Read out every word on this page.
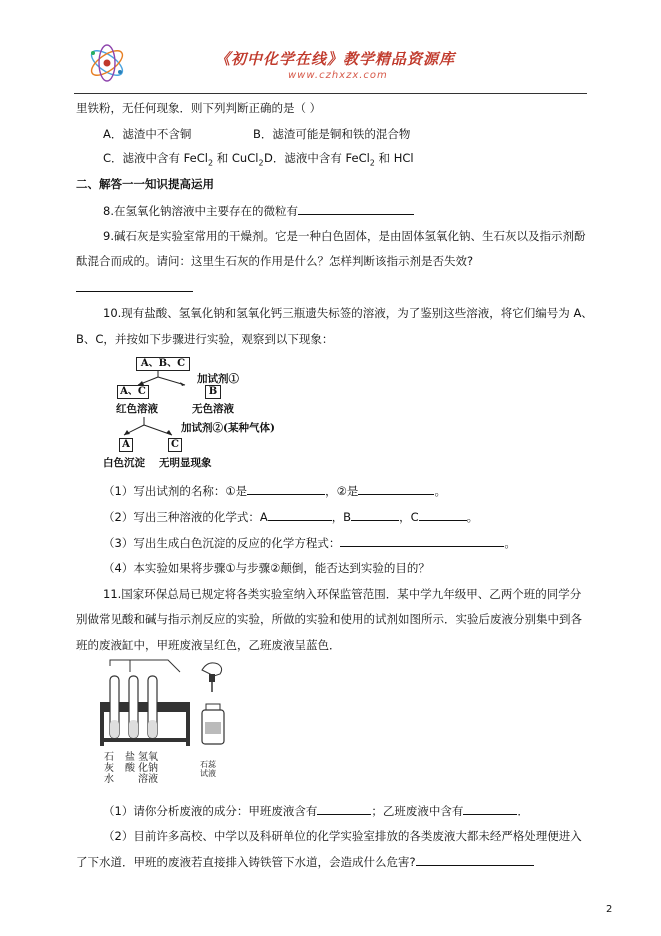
《初中化学在线》教学精品资源库
www.czhxzx.com
里铁粉，无任何现象．则下列判断正确的是（ ）
A．滤渣中不含铜	B．滤渣可能是铜和铁的混合物
C．滤液中含有 FeCl$_2$ 和 CuCl$_2$ D．滤液中含有 FeCl$_2$ 和 HCl
二、解答一一知识提高运用
8.在氢氧化钠溶液中主要存在的微粒有
9.碱石灰是实验室常用的干燥剂。它是一种白色固体，是由固体氢氧化钠、生石灰以及指示剂酚
酞混合而成的。请问：这里生石灰的作用是什么？怎样判断该指示剂是否失效?
10.现有盐酸、氢氧化钠和氢氧化钙三瓶遗失标签的溶液，为了鉴别这些溶液，将它们编号为 A、
B、C，并按如下步骤进行实验，观察到以下现象：
A、B、C
加试剂①
A、C	B
红色溶液	无色溶液
加试剂②(某种气体)
A	C
白色沉淀 无明显现象
（1）写出试剂的名称：①是	，②是	。
（2）写出三种溶液的化学式：A	，B	，C	。
（3）写出生成白色沉淀的反应的化学方程式：	。
（4）本实验如果将步骤①与步骤②颠倒，能否达到实验的目的？
11.国家环保总局已规定将各类实验室纳入环保监管范围．某中学九年级甲、乙两个班的同学分
别做常见酸和碱与指示剂反应的实验，所做的实验和使用的试剂如图所示．实验后废液分别集中到各
班的废液缸中，甲班废液呈红色，乙班废液呈蓝色．
石
灰
水
盐
酸
氢氧
化钠
溶液
石蕊
试液
（1）请你分析废液的成分：甲班废液含有	；乙班废液中含有	．
（2）目前许多高校、中学以及科研单位的化学实验室排放的各类废液大都未经严格处理便进入
了下水道．甲班的废液若直接排入铸铁管下水道，会造成什么危害?
2
